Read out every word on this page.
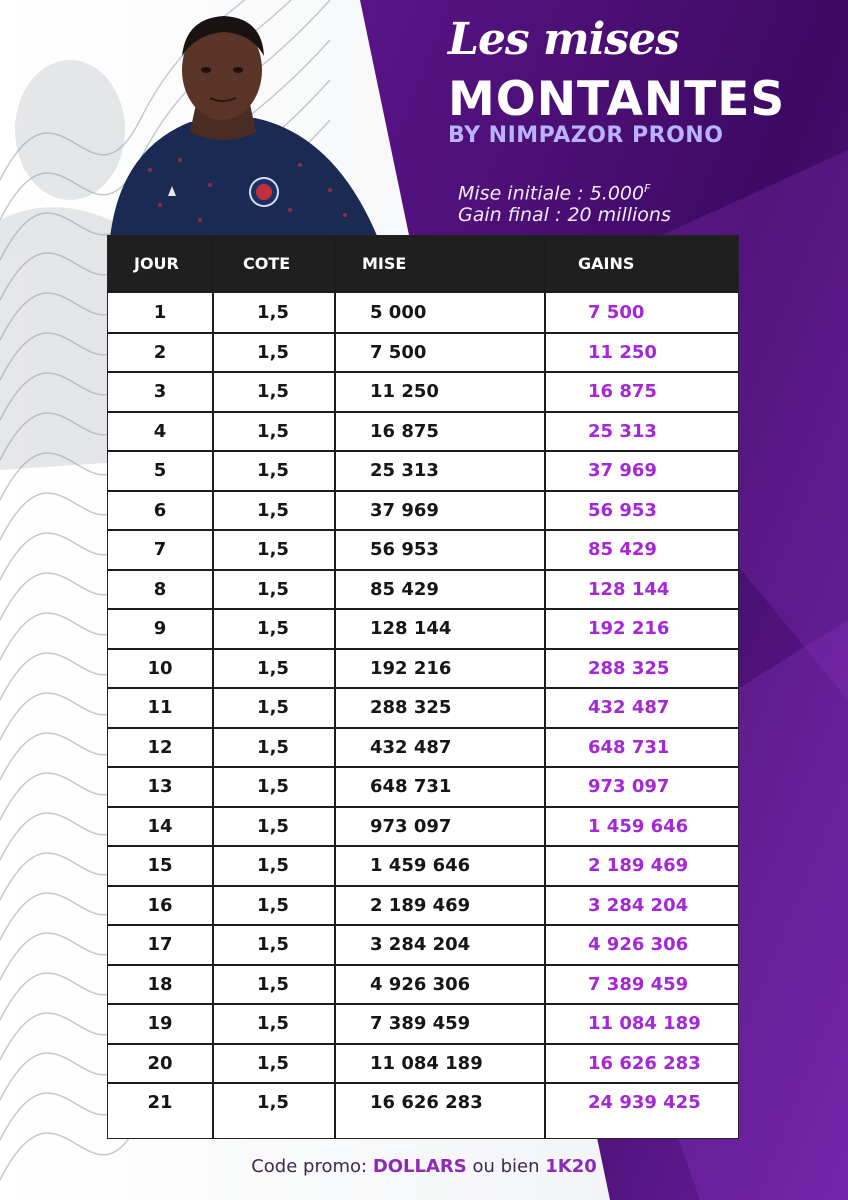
Les mises
MONTANTES
BY NIMPAZOR PRONO
Mise initiale : $5.000^F$
Gain final : 20 millions
JOUR	COTE	MISE	GAINS
1	1,5	5 000	7 500
2	1,5	7 500	11 250
3	1,5	11 250	16 875
4	1,5	16 875	25 313
5	1,5	25 313	37 969
6	1,5	37 969	56 953
7	1,5	56 953	85 429
8	1,5	85 429	128 144
9	1,5	128 144	192 216
10	1,5	192 216	288 325
11	1,5	288 325	432 487
12	1,5	432 487	648 731
13	1,5	648 731	973 097
14	1,5	973 097	1 459 646
15	1,5	1 459 646	2 189 469
16	1,5	2 189 469	3 284 204
17	1,5	3 284 204	4 926 306
18	1,5	4 926 306	7 389 459
19	1,5	7 389 459	11 084 189
20	1,5	11 084 189	16 626 283
21	1,5	16 626 283	24 939 425
Code promo: DOLLARS ou bien 1K20
